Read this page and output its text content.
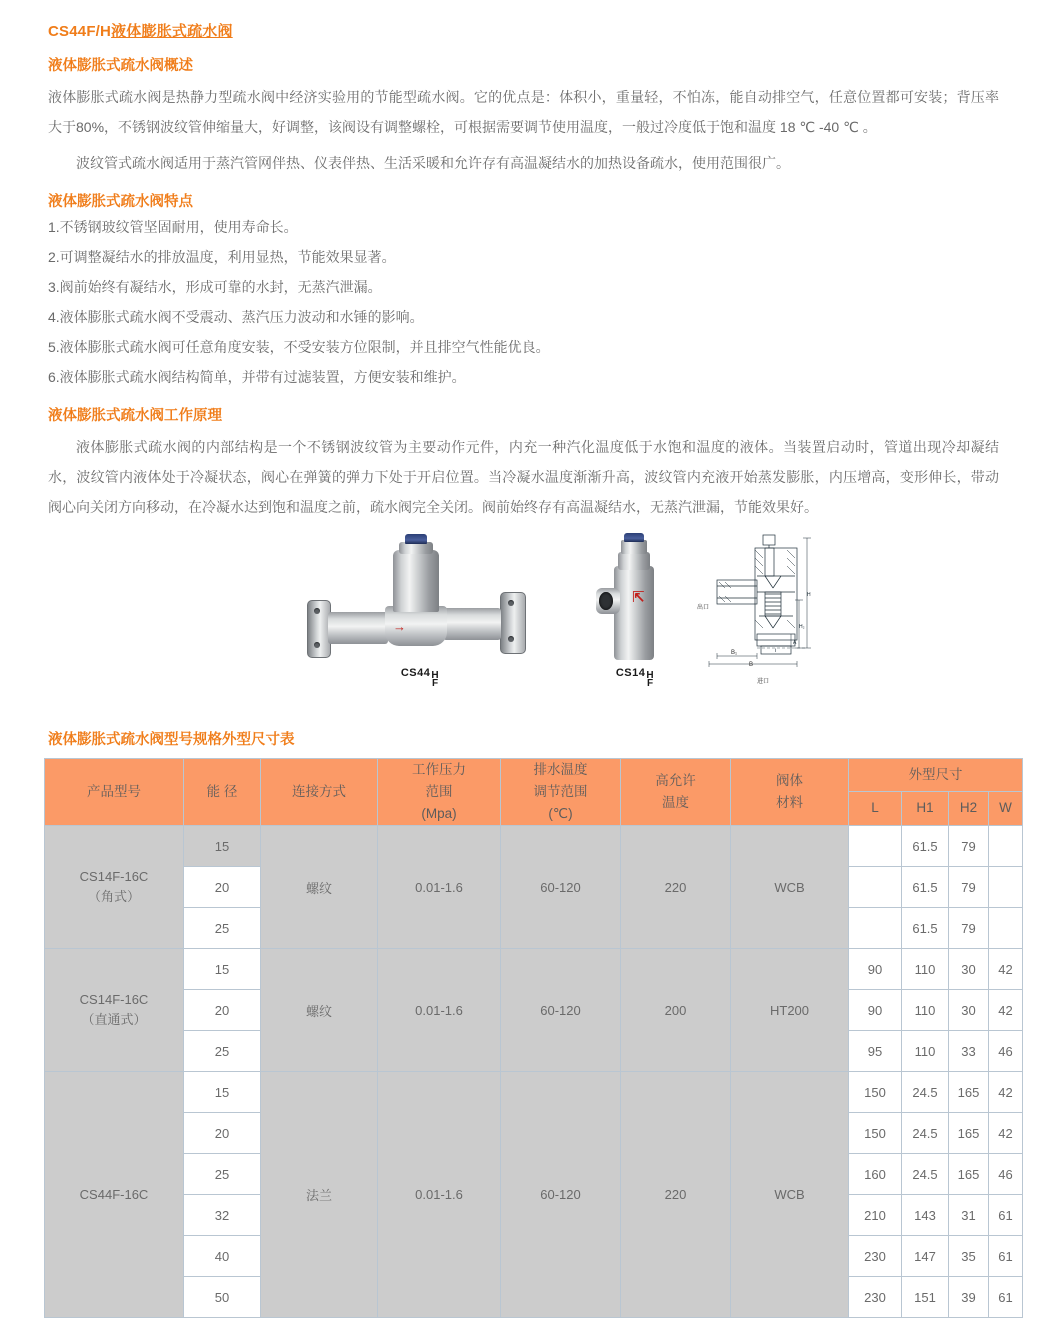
CS44F/H液体膨胀式疏水阀
液体膨胀式疏水阀概述
液体膨胀式疏水阀是热静力型疏水阀中经济实验用的节能型疏水阀。它的优点是：体积小，重量轻，不怕冻，能自动排空气，任意位置都可安装；背压率大于80%，不锈钢波纹管伸缩量大，好调整，该阀设有调整螺栓，可根据需要调节使用温度，一般过冷度低于饱和温度 18 ℃ -40 ℃ 。
波纹管式疏水阀适用于蒸汽管网伴热、仪表伴热、生活采暖和允许存有高温凝结水的加热设备疏水，使用范围很广。
液体膨胀式疏水阀特点
1.不锈钢玻纹管坚固耐用，使用寿命长。
2.可调整凝结水的排放温度，利用显热，节能效果显著。
3.阀前始终有凝结水，形成可靠的水封，无蒸汽泄漏。
4.液体膨胀式疏水阀不受震动、蒸汽压力波动和水锤的影响。
5.液体膨胀式疏水阀可任意角度安装，不受安装方位限制，并且排空气性能优良。
6.液体膨胀式疏水阀结构简单，并带有过滤装置，方便安装和维护。
液体膨胀式疏水阀工作原理
液体膨胀式疏水阀的内部结构是一个不锈钢波纹管为主要动作元件，内充一种汽化温度低于水饱和温度的液体。当装置启动时，管道出现冷却凝结水，波纹管内液体处于冷凝状态，阀心在弹簧的弹力下处于开启位置。当冷凝水温度渐渐升高，波纹管内充液开始蒸发膨胀，内压增高，变形伸长，带动阀心向关闭方向移动，在冷凝水达到饱和温度之前，疏水阀完全关闭。阀前始终存有高温凝结水，无蒸汽泄漏，节能效果好。
→
CS44 H
F
⇱
CS14 H
F
H
H₂
A
Ⅰ
出口
进口
B₁
B
液体膨胀式疏水阀型号规格外型尺寸表
产品型号	能 径	连接方式	工作压力
范围
(Mpa)	排水温度
调节范围
(℃)	高允许
温度	阀体
材料	外型尺寸			
							L	H1	H2	W

CS14F-16C
（角式）	15	螺纹	0.01-1.6	60-120	220	WCB		61.5	79	
	20							61.5	79	
	25							61.5	79	

CS14F-16C
（直通式）	15	螺纹	0.01-1.6	60-120	200	HT200	90	110	30	42
	20						90	110	30	42
	25						95	110	33	46

CS44F-16C	15	法兰	0.01-1.6	60-120	220	WCB	150	24.5	165	42
	20						150	24.5	165	42
	25						160	24.5	165	46
	32						210	143	31	61
	40						230	147	35	61
	50						230	151	39	61
